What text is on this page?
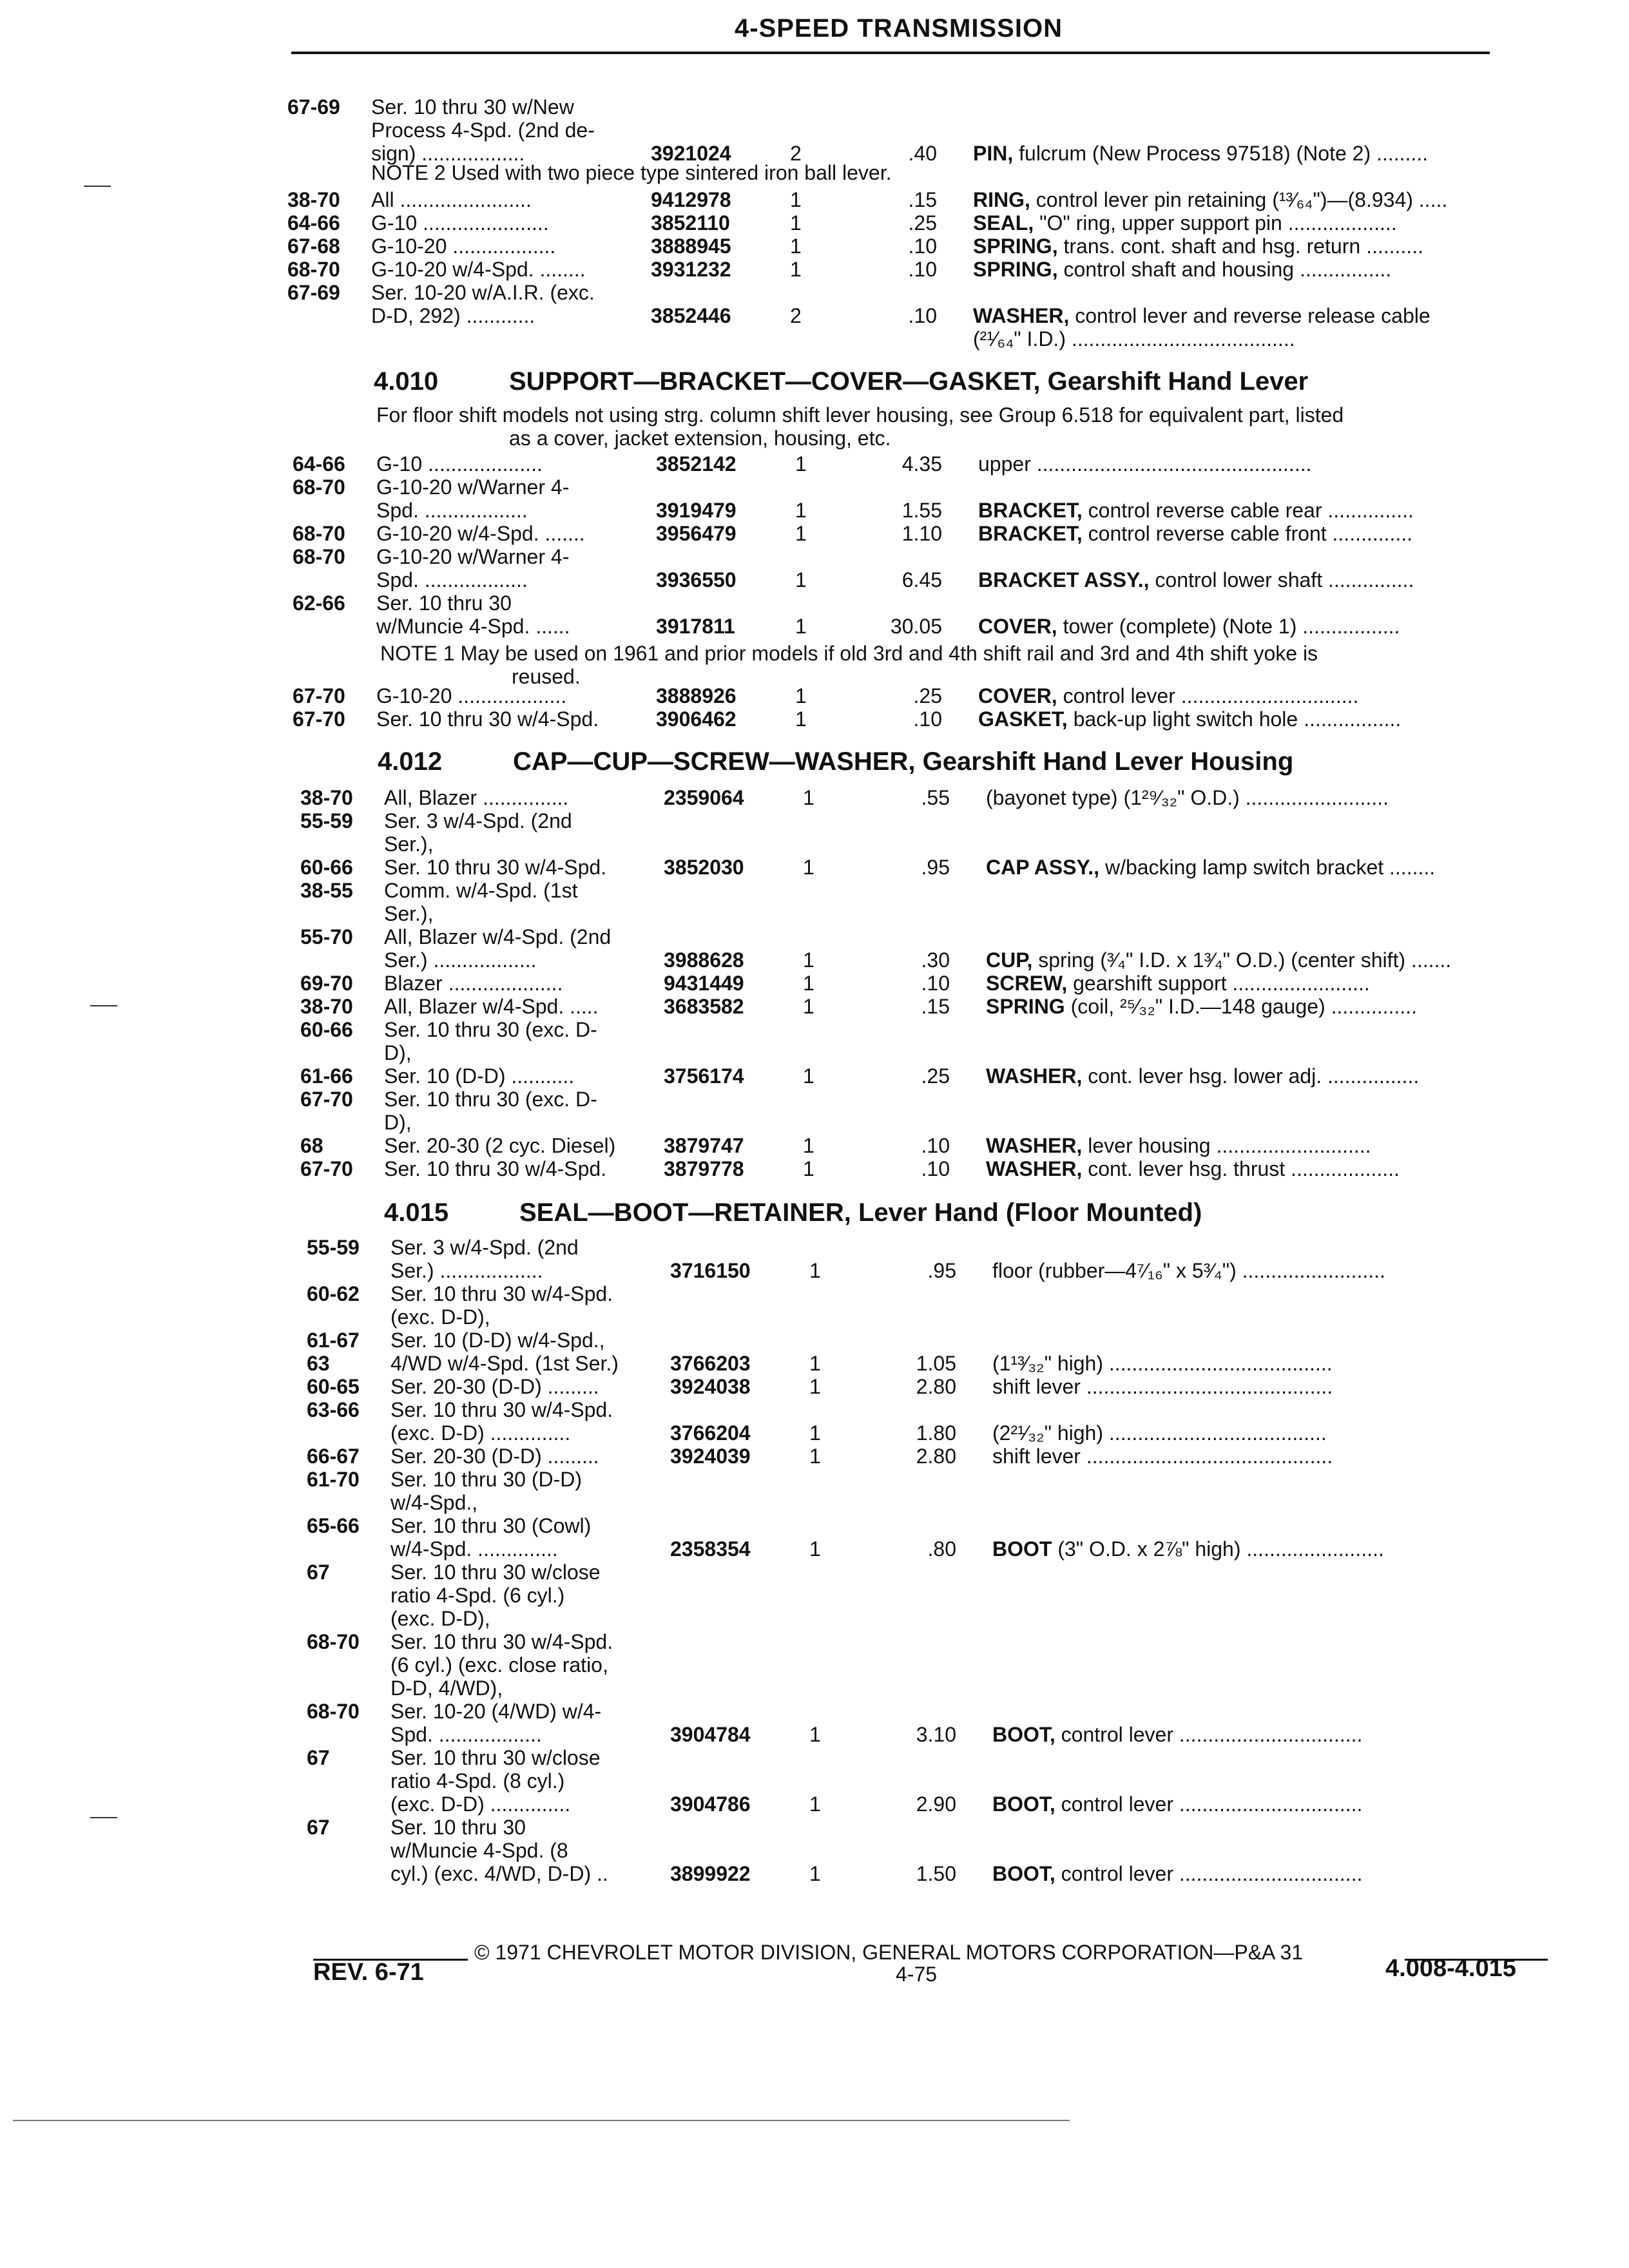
4-SPEED TRANSMISSION
67-69 Ser. 10 thru 30 w/New
Process 4-Spd. (2nd de-
sign) ..................	3921024	2	.40 PIN, fulcrum (New Process 97518) (Note 2) .........
38-70 All .......................	9412978	1	.15 RING, control lever pin retaining (¹³⁄₆₄")—(8.934) .....
64-66 G-10 ......................	3852110	1	.25 SEAL, "O" ring, upper support pin ...................
67-68 G-10-20 ..................	3888945	1	.10 SPRING, trans. cont. shaft and hsg. return ..........
68-70 G-10-20 w/4-Spd. ........	3931232	1	.10 SPRING, control shaft and housing ................
67-69 Ser. 10-20 w/A.I.R. (exc.
D-D, 292) ............	3852446	2	.10 WASHER, control lever and reverse release cable
(²¹⁄₆₄" I.D.) .......................................
NOTE 2 Used with two piece type sintered iron ball lever.
4.010	SUPPORT—BRACKET—COVER—GASKET, Gearshift Hand Lever
For floor shift models not using strg. column shift lever housing, see Group 6.518 for equivalent part, listed
as a cover, jacket extension, housing, etc.
64-66 G-10 ....................	3852142	1	4.35 upper ................................................
68-70 G-10-20 w/Warner 4-
Spd. ..................	3919479	1	1.55 BRACKET, control reverse cable rear ...............
68-70 G-10-20 w/4-Spd. .......	3956479	1	1.10 BRACKET, control reverse cable front ..............
68-70 G-10-20 w/Warner 4-
Spd. ..................	3936550	1	6.45 BRACKET ASSY., control lower shaft ...............
62-66 Ser. 10 thru 30
w/Muncie 4-Spd. ......	3917811	1	30.05 COVER, tower (complete) (Note 1) .................
67-70 G-10-20 ...................	3888926	1	.25 COVER, control lever ...............................
67-70 Ser. 10 thru 30 w/4-Spd.	3906462	1	.10 GASKET, back-up light switch hole .................
NOTE 1 May be used on 1961 and prior models if old 3rd and 4th shift rail and 3rd and 4th shift yoke is
reused.
4.012	CAP—CUP—SCREW—WASHER, Gearshift Hand Lever Housing
38-70 All, Blazer ...............	2359064	1	.55 (bayonet type) (1²⁹⁄₃₂" O.D.) .........................
55-59 Ser. 3 w/4-Spd. (2nd
Ser.),
60-66 Ser. 10 thru 30 w/4-Spd.	3852030	1	.95 CAP ASSY., w/backing lamp switch bracket ........
38-55 Comm. w/4-Spd. (1st
Ser.),
55-70 All, Blazer w/4-Spd. (2nd
Ser.) ..................	3988628	1	.30 CUP, spring (³⁄₄" I.D. x 1³⁄₄" O.D.) (center shift) .......
69-70 Blazer ....................	9431449	1	.10 SCREW, gearshift support ........................
38-70 All, Blazer w/4-Spd. .....	3683582	1	.15 SPRING (coil, ²⁵⁄₃₂" I.D.—148 gauge) ...............
60-66 Ser. 10 thru 30 (exc. D-
D),
61-66 Ser. 10 (D-D) ...........	3756174	1	.25 WASHER, cont. lever hsg. lower adj. ................
67-70 Ser. 10 thru 30 (exc. D-
D),
68	Ser. 20-30 (2 cyc. Diesel) 3879747	1	.10 WASHER, lever housing ...........................
67-70 Ser. 10 thru 30 w/4-Spd.	3879778	1	.10 WASHER, cont. lever hsg. thrust ...................
4.015	SEAL—BOOT—RETAINER, Lever Hand (Floor Mounted)
55-59 Ser. 3 w/4-Spd. (2nd
Ser.) ..................	3716150	1	.95 floor (rubber—4⁷⁄₁₆" x 5³⁄₄") .........................
60-62 Ser. 10 thru 30 w/4-Spd.
(exc. D-D),
61-67 Ser. 10 (D-D) w/4-Spd.,
63	4/WD w/4-Spd. (1st Ser.)	3766203	1	1.05 (1¹³⁄₃₂" high) .......................................
60-65 Ser. 20-30 (D-D) .........	3924038	1	2.80 shift lever ...........................................
63-66 Ser. 10 thru 30 w/4-Spd.
(exc. D-D) ..............	3766204	1	1.80 (2²¹⁄₃₂" high) ......................................
66-67 Ser. 20-30 (D-D) .........	3924039	1	2.80 shift lever ...........................................
61-70 Ser. 10 thru 30 (D-D)
w/4-Spd.,
65-66 Ser. 10 thru 30 (Cowl)
w/4-Spd. ..............	2358354	1	.80 BOOT (3" O.D. x 2⅞" high) ........................
67	Ser. 10 thru 30 w/close
ratio 4-Spd. (6 cyl.)
(exc. D-D),
68-70 Ser. 10 thru 30 w/4-Spd.
(6 cyl.) (exc. close ratio,
D-D, 4/WD),
68-70 Ser. 10-20 (4/WD) w/4-
Spd. ..................	3904784	1	3.10 BOOT, control lever ................................
67	Ser. 10 thru 30 w/close
ratio 4-Spd. (8 cyl.)
(exc. D-D) ..............	3904786	1	2.90 BOOT, control lever ................................
67	Ser. 10 thru 30
w/Muncie 4-Spd. (8
cyl.) (exc. 4/WD, D-D) ..	3899922	1	1.50 BOOT, control lever ................................
© 1971 CHEVROLET MOTOR DIVISION, GENERAL MOTORS CORPORATION—P&A 31
REV. 6-71	4-75	4.008-4.015
